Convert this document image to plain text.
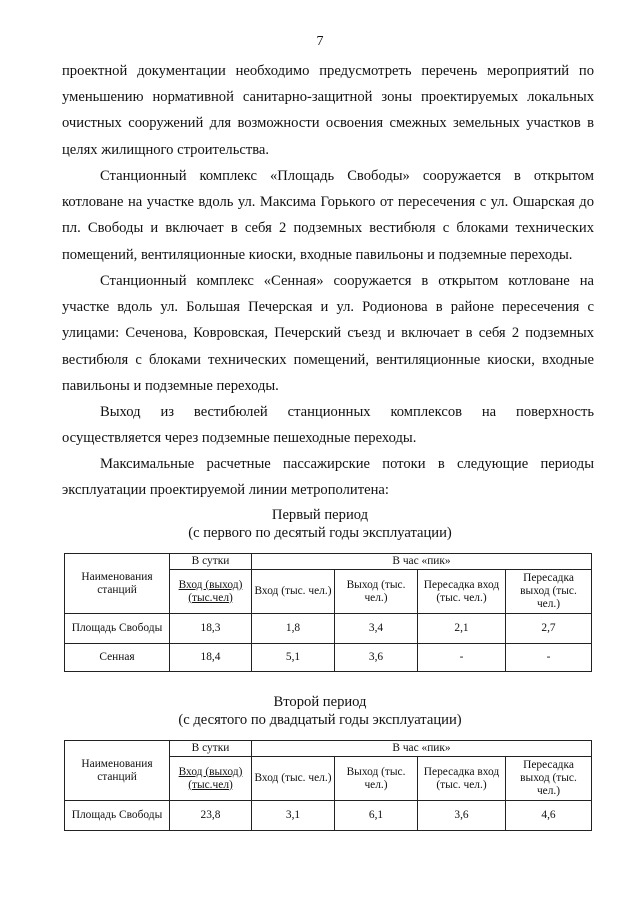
7

проектной документации необходимо предусмотреть перечень мероприятий по уменьшению нормативной санитарно-защитной зоны проектируемых локальных очистных сооружений для возможности освоения смежных земельных участков в целях жилищного строительства.

Станционный комплекс «Площадь Свободы» сооружается в открытом котловане на участке вдоль ул. Максима Горького от пересечения с ул. Ошарская до пл. Свободы и включает в себя 2 подземных вестибюля с блоками технических помещений, вентиляционные киоски, входные павильоны и подземные переходы.

Станционный комплекс «Сенная» сооружается в открытом котловане на участке вдоль ул. Большая Печерская и ул. Родионова в районе пересечения с улицами: Сеченова, Ковровская, Печерский съезд и включает в себя 2 подземных вестибюля с блоками технических помещений, вентиляционные киоски, входные павильоны и подземные переходы.

Выход из вестибюлей станционных комплексов на поверхность осуществляется через подземные пешеходные переходы.

Максимальные расчетные пассажирские потоки в следующие периоды эксплуатации проектируемой линии метрополитена:

Первый период
(с первого по десятый годы эксплуатации)
Наименования станций	В сутки	В час «пик»			
	Вход (выход) (тыс.чел)	Вход (тыс. чел.)	Выход (тыс. чел.)	Пересадка вход (тыс. чел.)	Пересадка выход (тыс. чел.)
Площадь Свободы	18,3	1,8	3,4	2,1	2,7
Сенная	18,4	5,1	3,6	-	-
Второй период
(с десятого по двадцатый годы эксплуатации)
Наименования станций	В сутки	В час «пик»			
	Вход (выход) (тыс.чел)	Вход (тыс. чел.)	Выход (тыс. чел.)	Пересадка вход (тыс. чел.)	Пересадка выход (тыс. чел.)
Площадь Свободы	23,8	3,1	6,1	3,6	4,6
